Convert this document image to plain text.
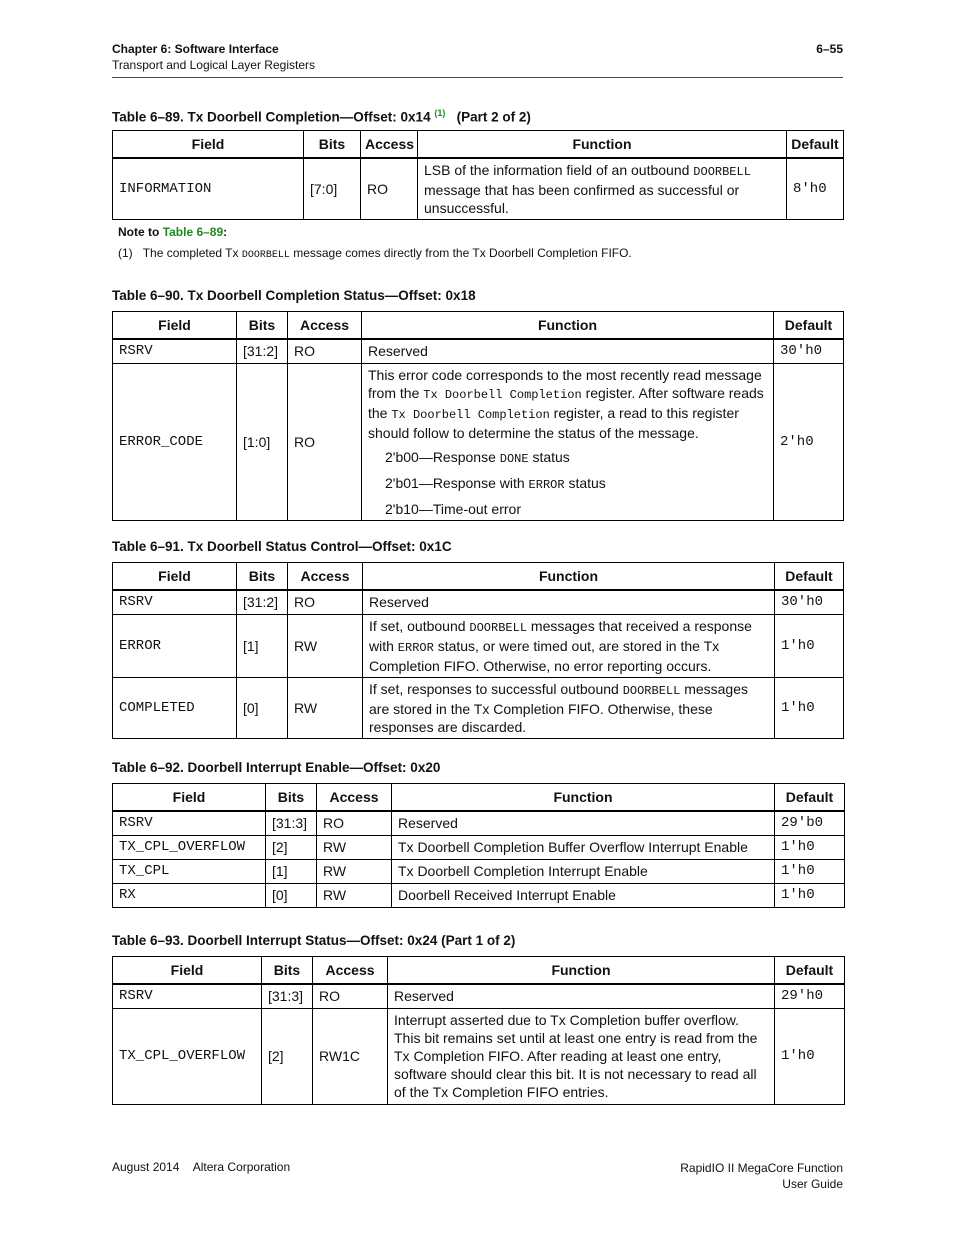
Chapter 6: Software Interface
Transport and Logical Layer Registers
6–55
Table 6–89. Tx Doorbell Completion—Offset: 0x14 $^{(1)}$ (Part 2 of 2)
Field	Bits	Access	Function	Default
INFORMATION	[7:0]	RO	LSB of the information field of an outbound DOORBELL message that has been confirmed as successful or unsuccessful.	8'h0
Note to Table 6–89:
(1) The completed Tx DOORBELL message comes directly from the Tx Doorbell Completion FIFO.
Table 6–90. Tx Doorbell Completion Status—Offset: 0x18
Field	Bits	Access	Function	Default
RSRV	[31:2]	RO	Reserved	30'h0
ERROR_CODE	[1:0]	RO	This error code corresponds to the most recently read message from the Tx Doorbell Completion register. After software reads the Tx Doorbell Completion register, a read to this register should follow to determine the status of the message.
2'b00—Response DONE status
2'b01—Response with ERROR status
2'b10—Time-out error	2'h0
Table 6–91. Tx Doorbell Status Control—Offset: 0x1C
Field	Bits	Access	Function	Default
RSRV	[31:2]	RO	Reserved	30'h0
ERROR	[1]	RW	If set, outbound DOORBELL messages that received a response with ERROR status, or were timed out, are stored in the Tx Completion FIFO. Otherwise, no error reporting occurs.	1'h0
COMPLETED	[0]	RW	If set, responses to successful outbound DOORBELL messages are stored in the Tx Completion FIFO. Otherwise, these responses are discarded.	1'h0
Table 6–92. Doorbell Interrupt Enable—Offset: 0x20
Field	Bits	Access	Function	Default
RSRV	[31:3]	RO	Reserved	29'b0
TX_CPL_OVERFLOW	[2]	RW	Tx Doorbell Completion Buffer Overflow Interrupt Enable	1'h0
TX_CPL	[1]	RW	Tx Doorbell Completion Interrupt Enable	1'h0
RX	[0]	RW	Doorbell Received Interrupt Enable	1'h0
Table 6–93. Doorbell Interrupt Status—Offset: 0x24 (Part 1 of 2)
Field	Bits	Access	Function	Default
RSRV	[31:3]	RO	Reserved	29'h0
TX_CPL_OVERFLOW	[2]	RW1C	Interrupt asserted due to Tx Completion buffer overflow. This bit remains set until at least one entry is read from the Tx Completion FIFO. After reading at least one entry, software should clear this bit. It is not necessary to read all of the Tx Completion FIFO entries.	1'h0
August 2014 Altera Corporation	RapidIO II MegaCore Function
User Guide
